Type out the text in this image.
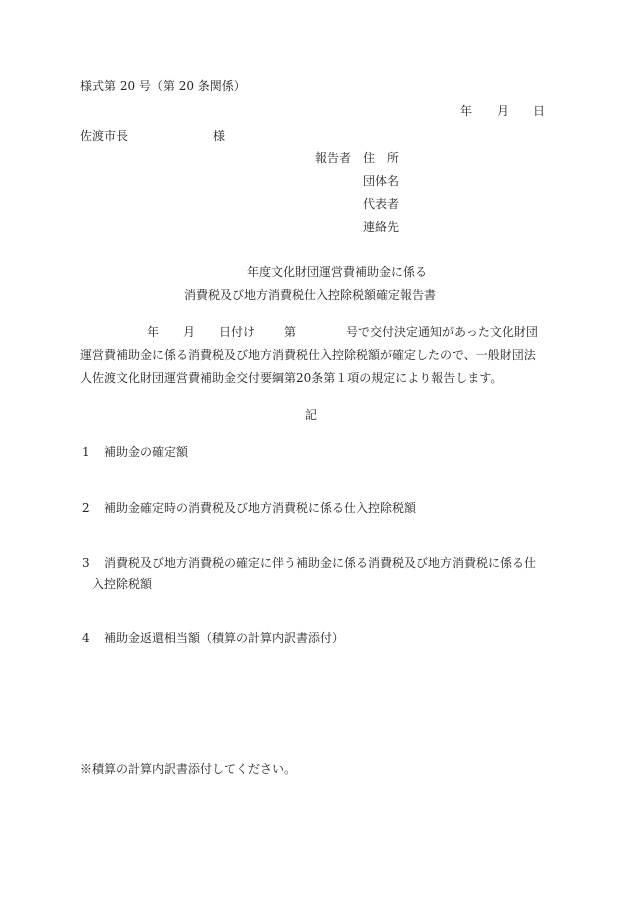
様式第 20 号（第 20 条関係）
年 月 日
佐渡市長	様
報告者 住　所
団体名
代表者
連絡先
年度文化財団運営費補助金に係る
消費税及び地方消費税仕入控除税額確定報告書
年 月 日付け 第	号で交付決定通知があった文化財団
運営費補助金に係る消費税及び地方消費税仕入控除税額が確定したので、一般財団法
人佐渡文化財団運営費補助金交付要綱第20条第１項の規定により報告します。
記
1 補助金の確定額
2 補助金確定時の消費税及び地方消費税に係る仕入控除税額
3 消費税及び地方消費税の確定に伴う補助金に係る消費税及び地方消費税に係る仕
入控除税額
4 補助金返還相当額（積算の計算内訳書添付）
※積算の計算内訳書添付してください。
